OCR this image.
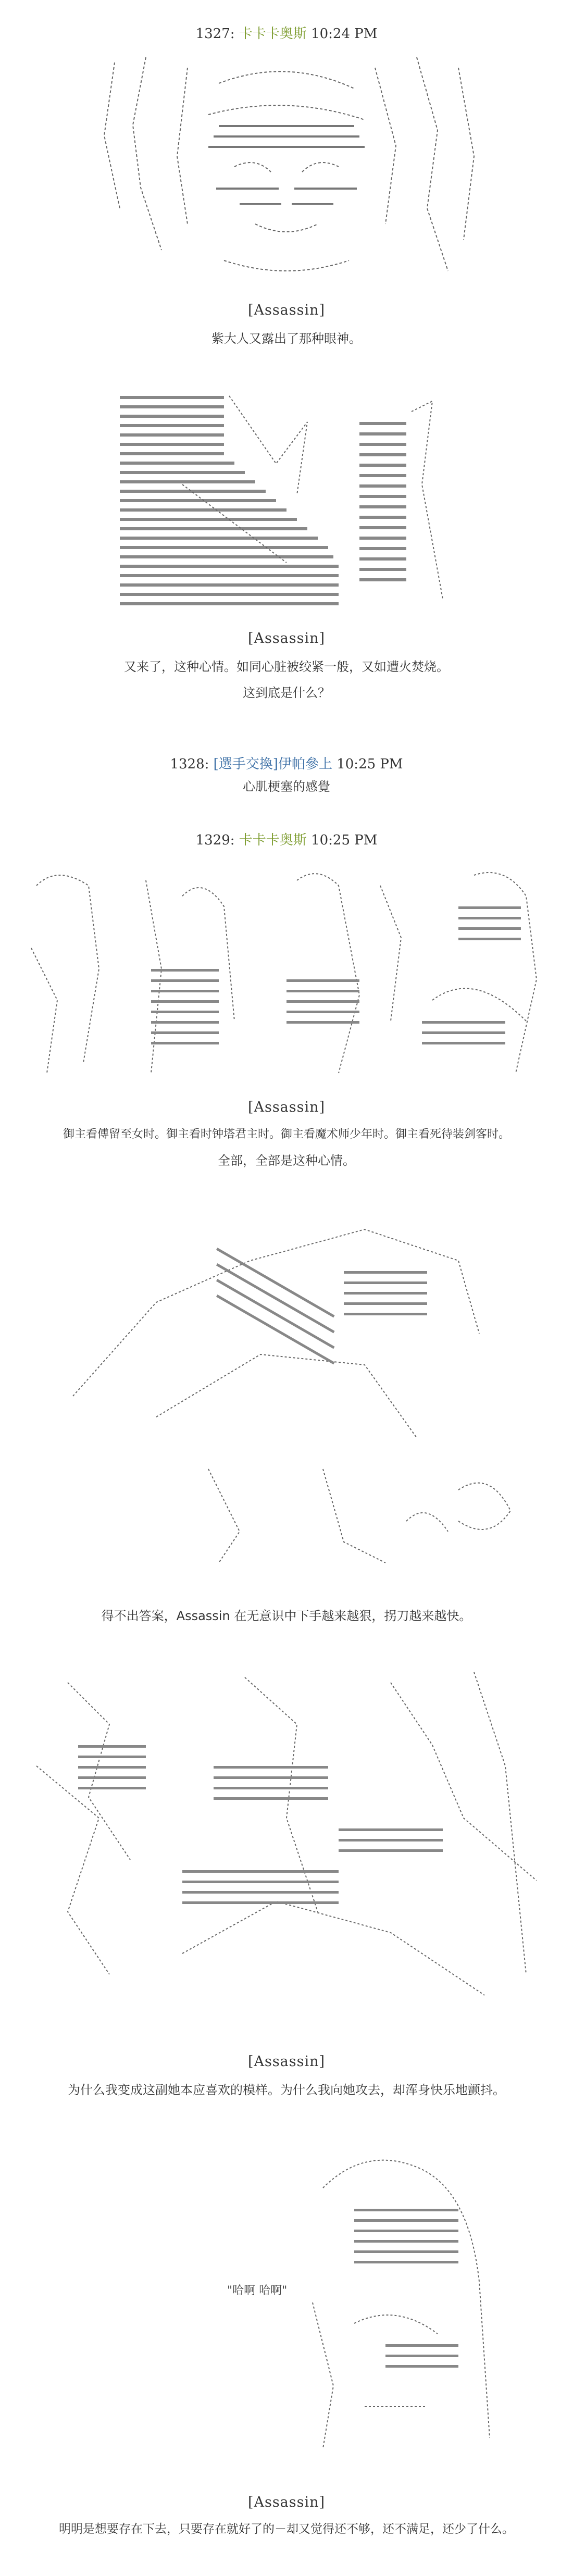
1327: 卡卡卡奥斯 10:24 PM
[Assassin]
紫大人又露出了那种眼神。
[Assassin]
又来了，这种心情。如同心脏被绞紧一般，又如遭火焚烧。
这到底是什么？
1328: [選手交換]伊帕參上 10:25 PM
心肌梗塞的感覺
1329: 卡卡卡奥斯 10:25 PM
[Assassin]
御主看傅留至女时。御主看时钟塔君主时。御主看魔术师少年时。御主看死待装剑客时。
全部，全部是这种心情。
得不出答案，Assassin 在无意识中下手越来越狠，拐刀越来越快。
[Assassin]
为什么我变成这副她本应喜欢的模样。为什么我向她攻去，却浑身快乐地颤抖。
"哈啊 哈啊"
[Assassin]
明明是想要存在下去，只要存在就好了的－却又觉得还不够，还不满足，还少了什么。
